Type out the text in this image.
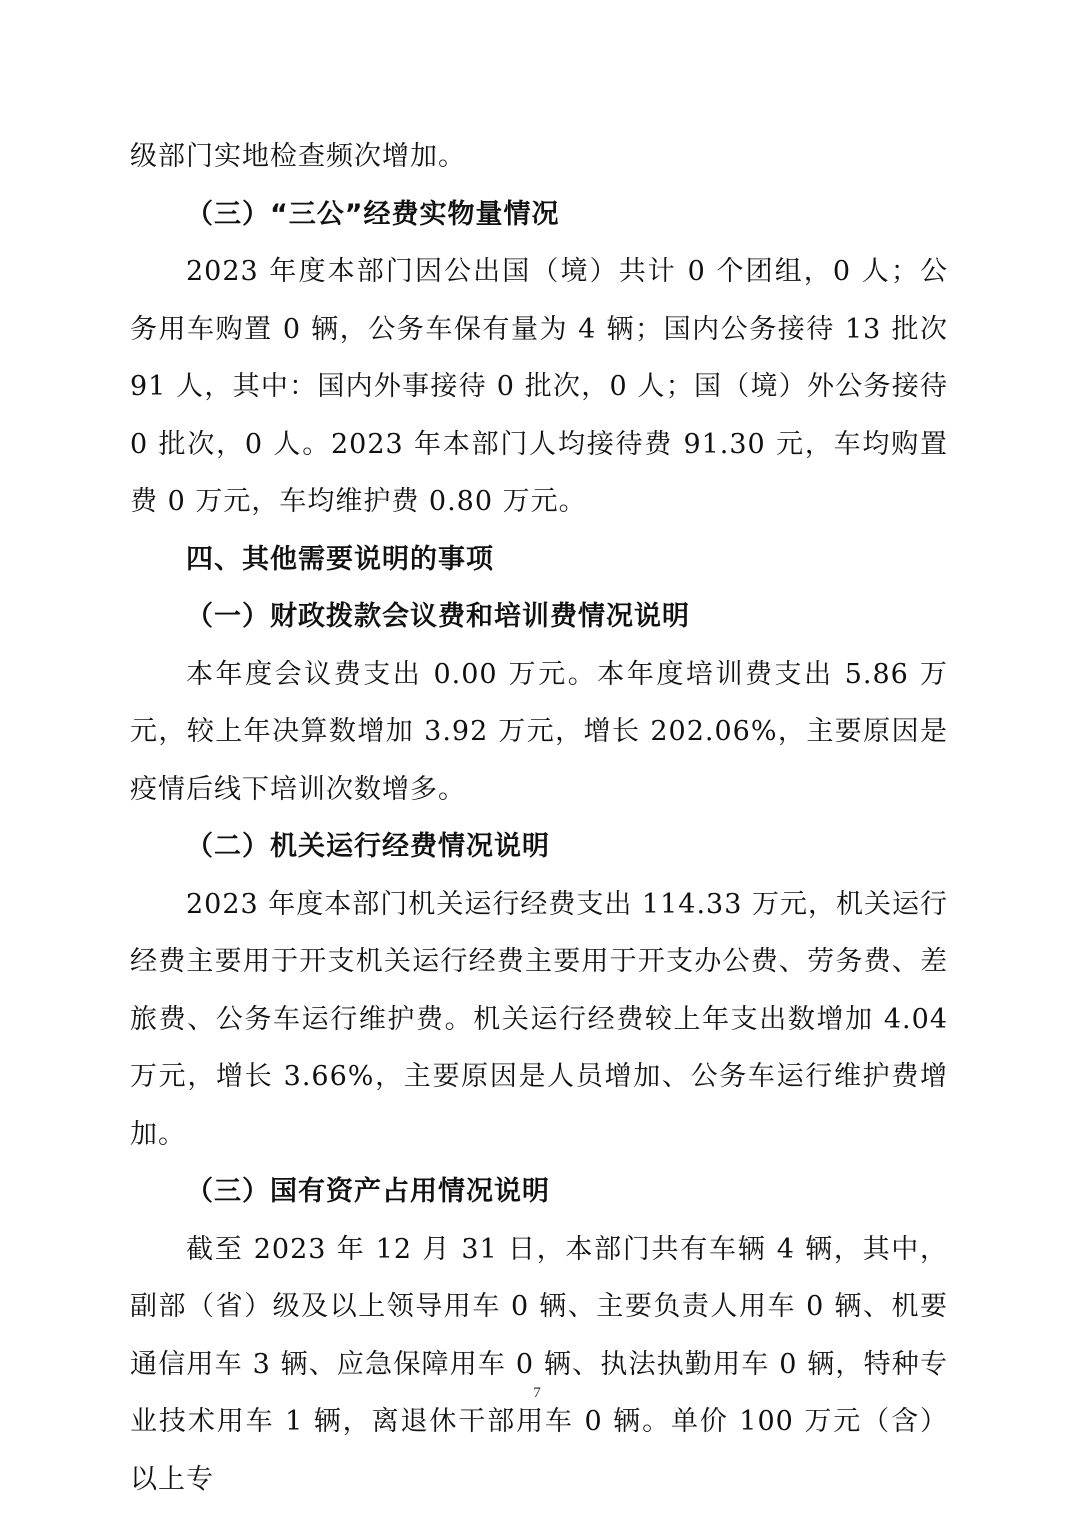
级部门实地检查频次增加。

（三）“三公”经费实物量情况

2023 年度本部门因公出国（境）共计 0 个团组，0 人；公务用车购置 0 辆，公务车保有量为 4 辆；国内公务接待 13 批次 91 人，其中：国内外事接待 0 批次，0 人；国（境）外公务接待 0 批次，0 人。2023 年本部门人均接待费 91.30 元，车均购置费 0 万元，车均维护费 0.80 万元。

四、其他需要说明的事项

（一）财政拨款会议费和培训费情况说明

本年度会议费支出 0.00 万元。本年度培训费支出 5.86 万元，较上年决算数增加 3.92 万元，增长 202.06%，主要原因是疫情后线下培训次数增多。

（二）机关运行经费情况说明

2023 年度本部门机关运行经费支出 114.33 万元，机关运行经费主要用于开支机关运行经费主要用于开支办公费、劳务费、差旅费、公务车运行维护费。机关运行经费较上年支出数增加 4.04 万元，增长 3.66%，主要原因是人员增加、公务车运行维护费增加。

（三）国有资产占用情况说明

截至 2023 年 12 月 31 日，本部门共有车辆 4 辆，其中，副部（省）级及以上领导用车 0 辆、主要负责人用车 0 辆、机要通信用车 3 辆、应急保障用车 0 辆、执法执勤用车 0 辆，特种专业技术用车 1 辆，离退休干部用车 0 辆。单价 100 万元（含）以上专

7
